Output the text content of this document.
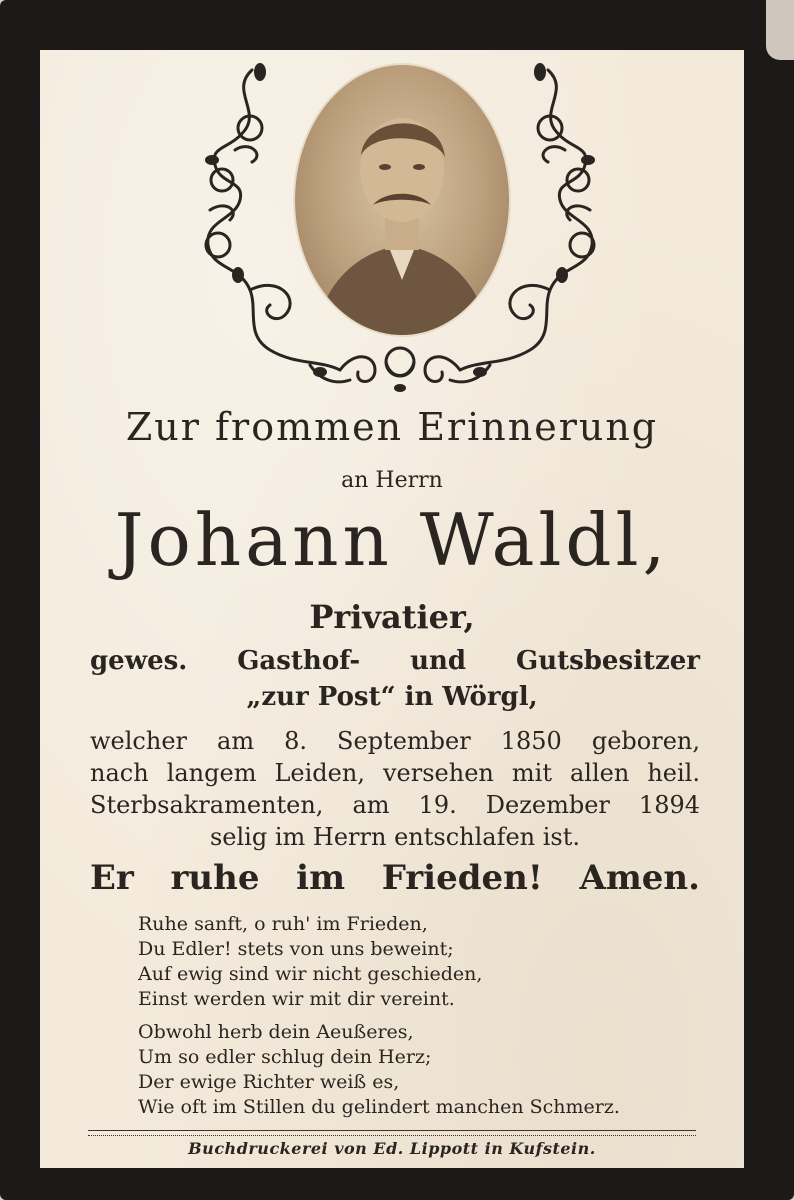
Zur frommen Erinnerung
an Herrn
Johann Waldl,
Privatier,
gewes. Gasthof- und Gutsbesitzer
„zur Post“ in Wörgl,
welcher am 8. September 1850 geboren,
nach langem Leiden, versehen mit allen heil.
Sterbsakramenten, am 19. Dezember 1894
selig im Herrn entschlafen ist.
Er ruhe im Frieden! Amen.
Ruhe sanft, o ruh' im Frieden,
Du Edler! stets von uns beweint;
Auf ewig sind wir nicht geschieden,
Einst werden wir mit dir vereint.
Obwohl herb dein Aeußeres,
Um so edler schlug dein Herz;
Der ewige Richter weiß es,
Wie oft im Stillen du gelindert manchen Schmerz.
Buchdruckerei von Ed. Lippott in Kufstein.
